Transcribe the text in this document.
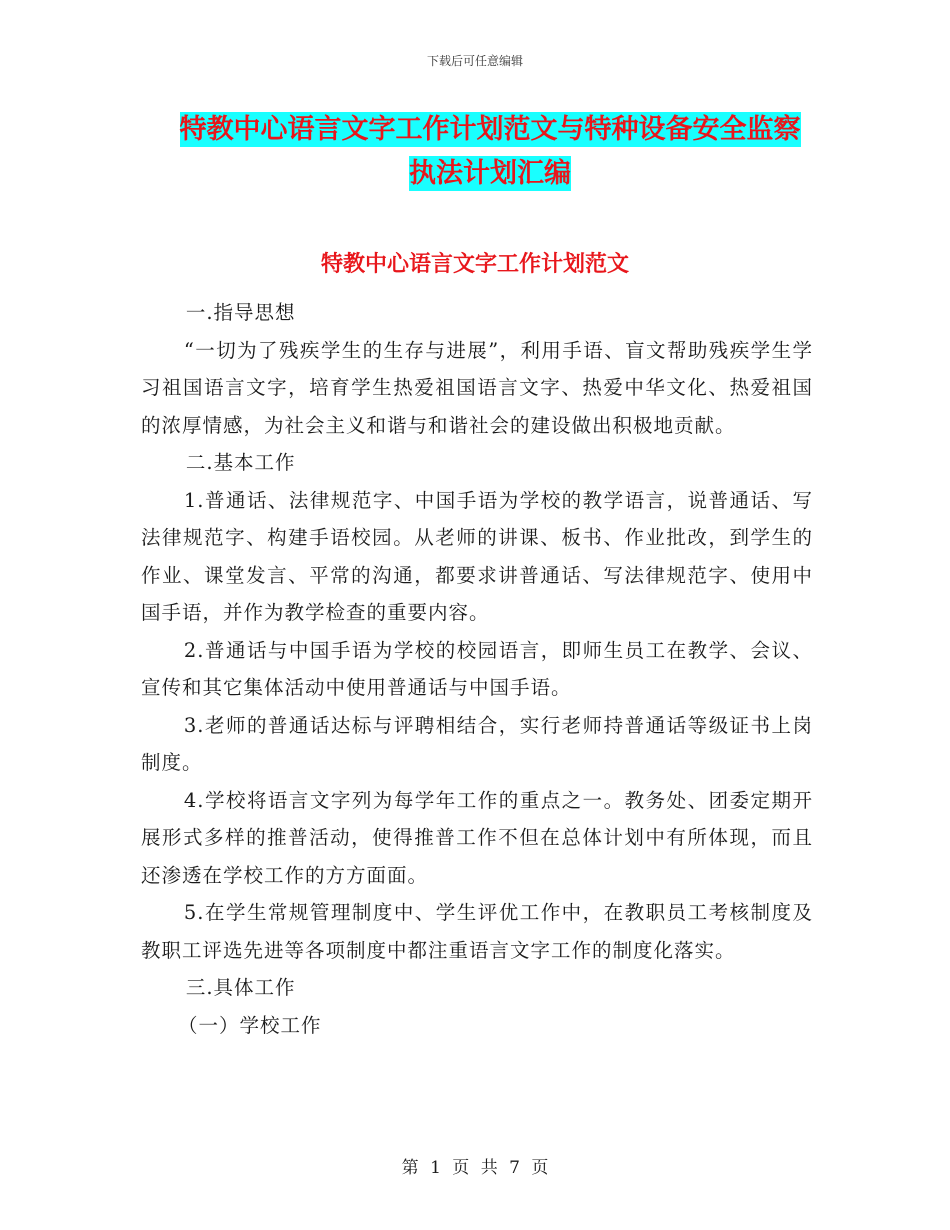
下载后可任意编辑
特教中心语言文字工作计划范文与特种设备安全监察
执法计划汇编
特教中心语言文字工作计划范文

一.指导思想

“一切为了残疾学生的生存与进展”，利用手语、盲文帮助残疾学生学习祖国语言文字，培育学生热爱祖国语言文字、热爱中华文化、热爱祖国的浓厚情感，为社会主义和谐与和谐社会的建设做出积极地贡献。

二.基本工作

1.普通话、法律规范字、中国手语为学校的教学语言，说普通话、写法律规范字、构建手语校园。从老师的讲课、板书、作业批改，到学生的作业、课堂发言、平常的沟通，都要求讲普通话、写法律规范字、使用中国手语，并作为教学检查的重要内容。

2.普通话与中国手语为学校的校园语言，即师生员工在教学、会议、宣传和其它集体活动中使用普通话与中国手语。

3.老师的普通话达标与评聘相结合，实行老师持普通话等级证书上岗制度。

4.学校将语言文字列为每学年工作的重点之一。教务处、团委定期开展形式多样的推普活动，使得推普工作不但在总体计划中有所体现，而且还渗透在学校工作的方方面面。

5.在学生常规管理制度中、学生评优工作中，在教职员工考核制度及教职工评选先进等各项制度中都注重语言文字工作的制度化落实。

三.具体工作

（一）学校工作

第 1 页 共 7 页
